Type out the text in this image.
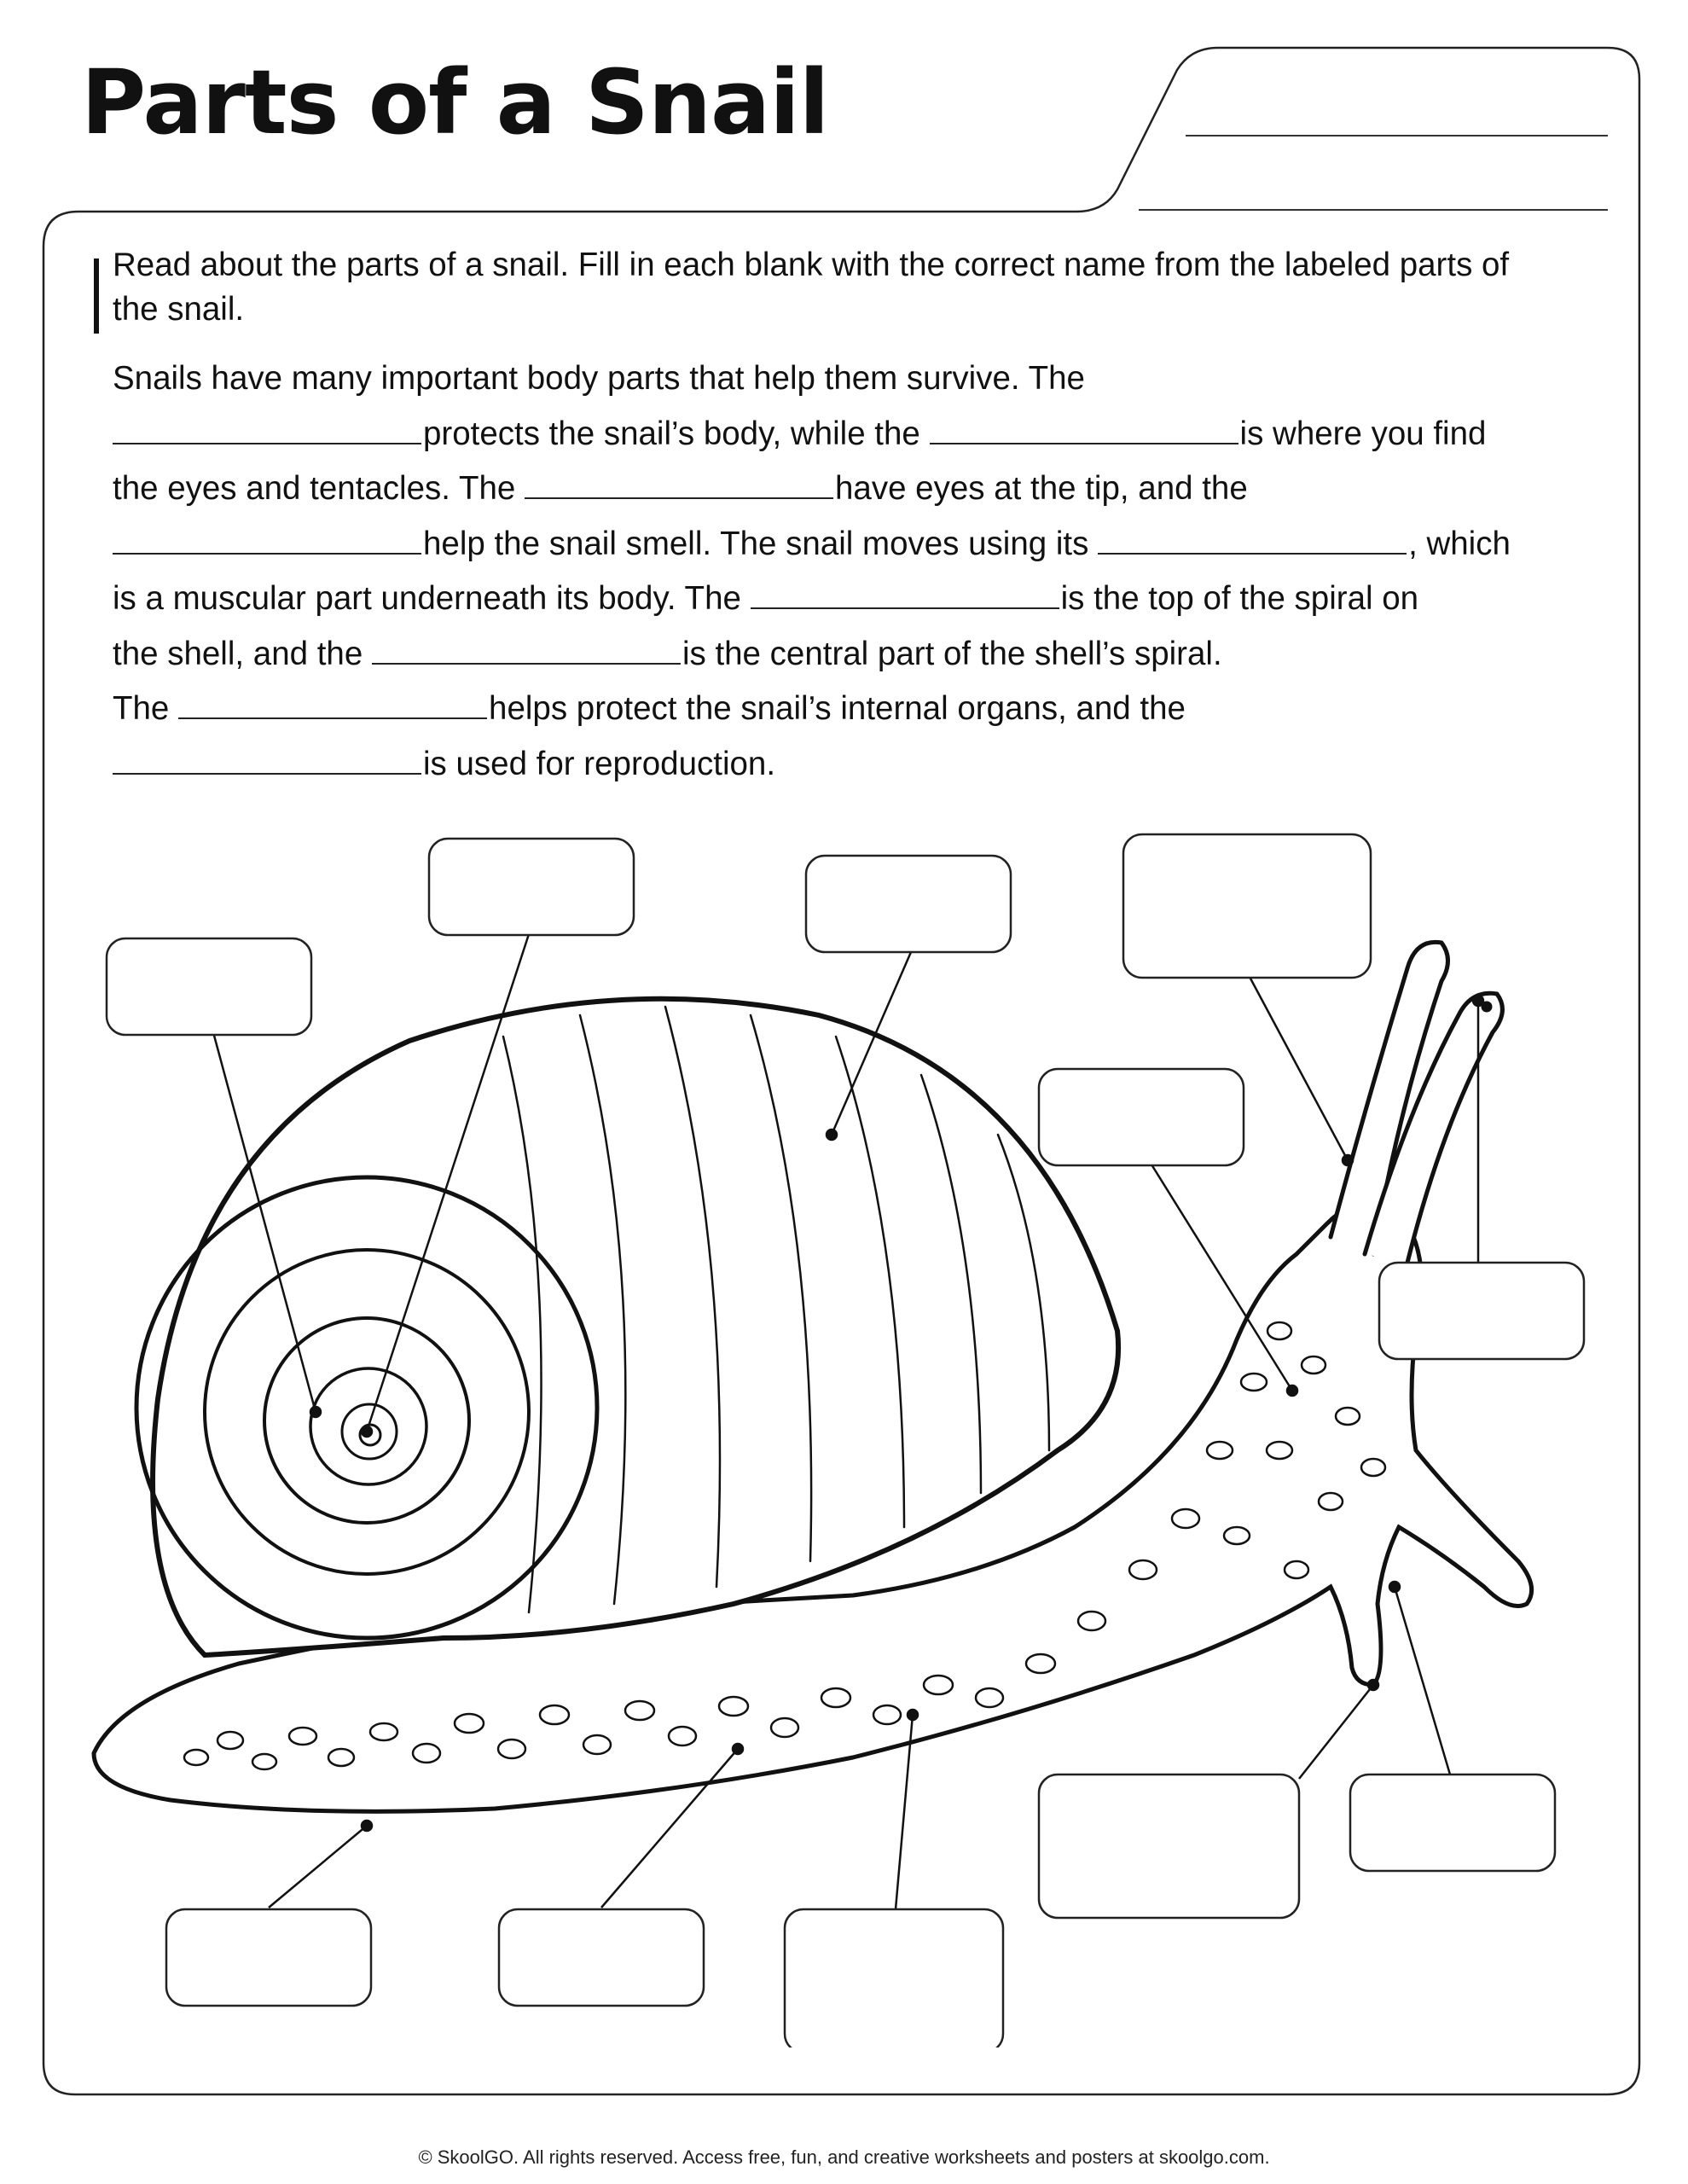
Parts of a Snail

Read about the parts of a snail. Fill in each blank with the correct name from the labeled parts of the snail.

Snails have many important body parts that help them survive. The
protects the snail’s body, while the	is where you find
the eyes and tentacles. The	have eyes at the tip, and the
help the snail smell. The snail moves using its	, which
is a muscular part underneath its body. The	is the top of the spiral on
the shell, and the	is the central part of the shell’s spiral.
The	helps protect the snail’s internal organs, and the
is used for reproduction.
© SkoolGO. All rights reserved. Access free, fun, and creative worksheets and posters at skoolgo.com.
